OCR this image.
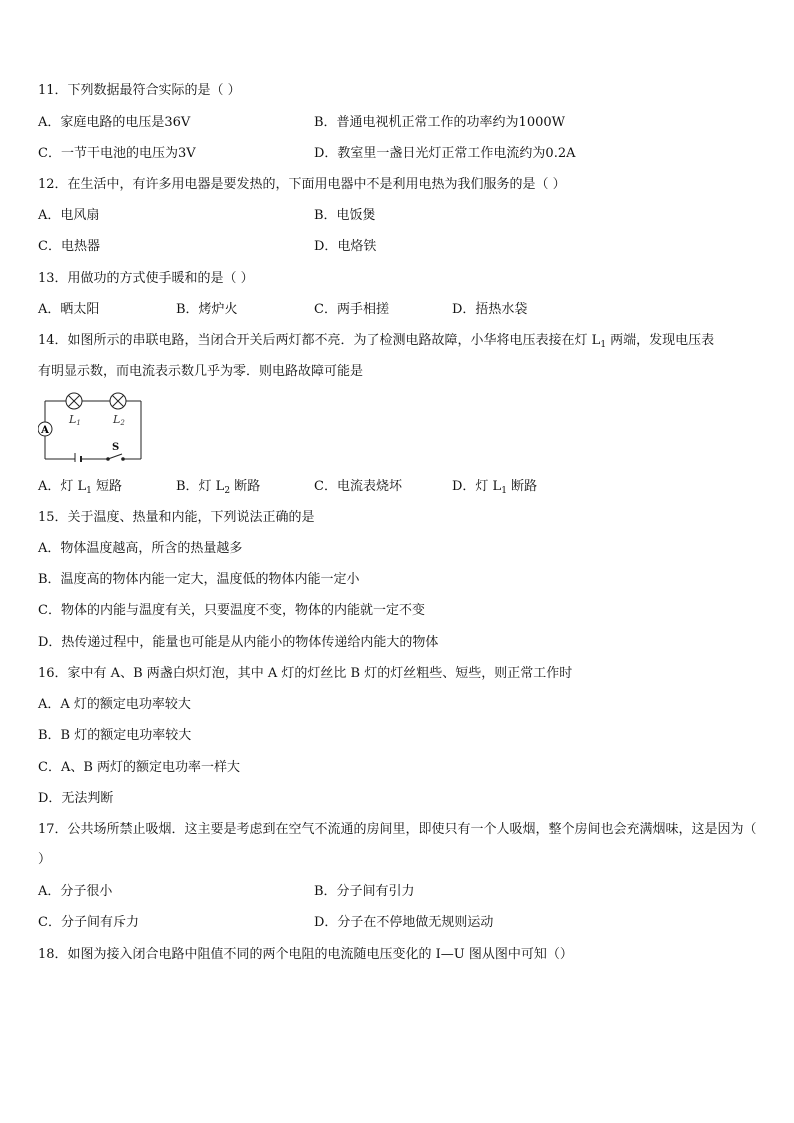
11．下列数据最符合实际的是（ ）
A．家庭电路的电压是36V	B．普通电视机正常工作的功率约为1000W
C．一节干电池的电压为3V	D．教室里一盏日光灯正常工作电流约为0.2A
12．在生活中，有许多用电器是要发热的，下面用电器中不是利用电热为我们服务的是（ ）
A．电风扇	B．电饭煲
C．电热器	D．电烙铁
13．用做功的方式使手暖和的是（ ）
A．晒太阳	B．烤炉火	C．两手相搓	D．捂热水袋
14．如图所示的串联电路，当闭合开关后两灯都不亮．为了检测电路故障，小华将电压表接在灯 $L_1$ 两端，发现电压表
有明显示数，而电流表示数几乎为零．则电路故障可能是
A
S
L1	L2
A．灯 $L_1$ 短路	B．灯 $L_2$ 断路	C．电流表烧坏	D．灯 $L_1$ 断路
15．关于温度、热量和内能，下列说法正确的是
A．物体温度越高，所含的热量越多
B．温度高的物体内能一定大，温度低的物体内能一定小
C．物体的内能与温度有关，只要温度不变，物体的内能就一定不变
D．热传递过程中，能量也可能是从内能小的物体传递给内能大的物体
16．家中有 A、B 两盏白炽灯泡，其中 A 灯的灯丝比 B 灯的灯丝粗些、短些，则正常工作时
A．A 灯的额定电功率较大
B．B 灯的额定电功率较大
C．A、B 两灯的额定电功率一样大
D．无法判断
17．公共场所禁止吸烟．这主要是考虑到在空气不流通的房间里，即使只有一个人吸烟，整个房间也会充满烟味，这是因为（ ）
A．分子很小	B．分子间有引力
C．分子间有斥力	D．分子在不停地做无规则运动
18．如图为接入闭合电路中阻值不同的两个电阻的电流随电压变化的 I—U 图从图中可知（）
